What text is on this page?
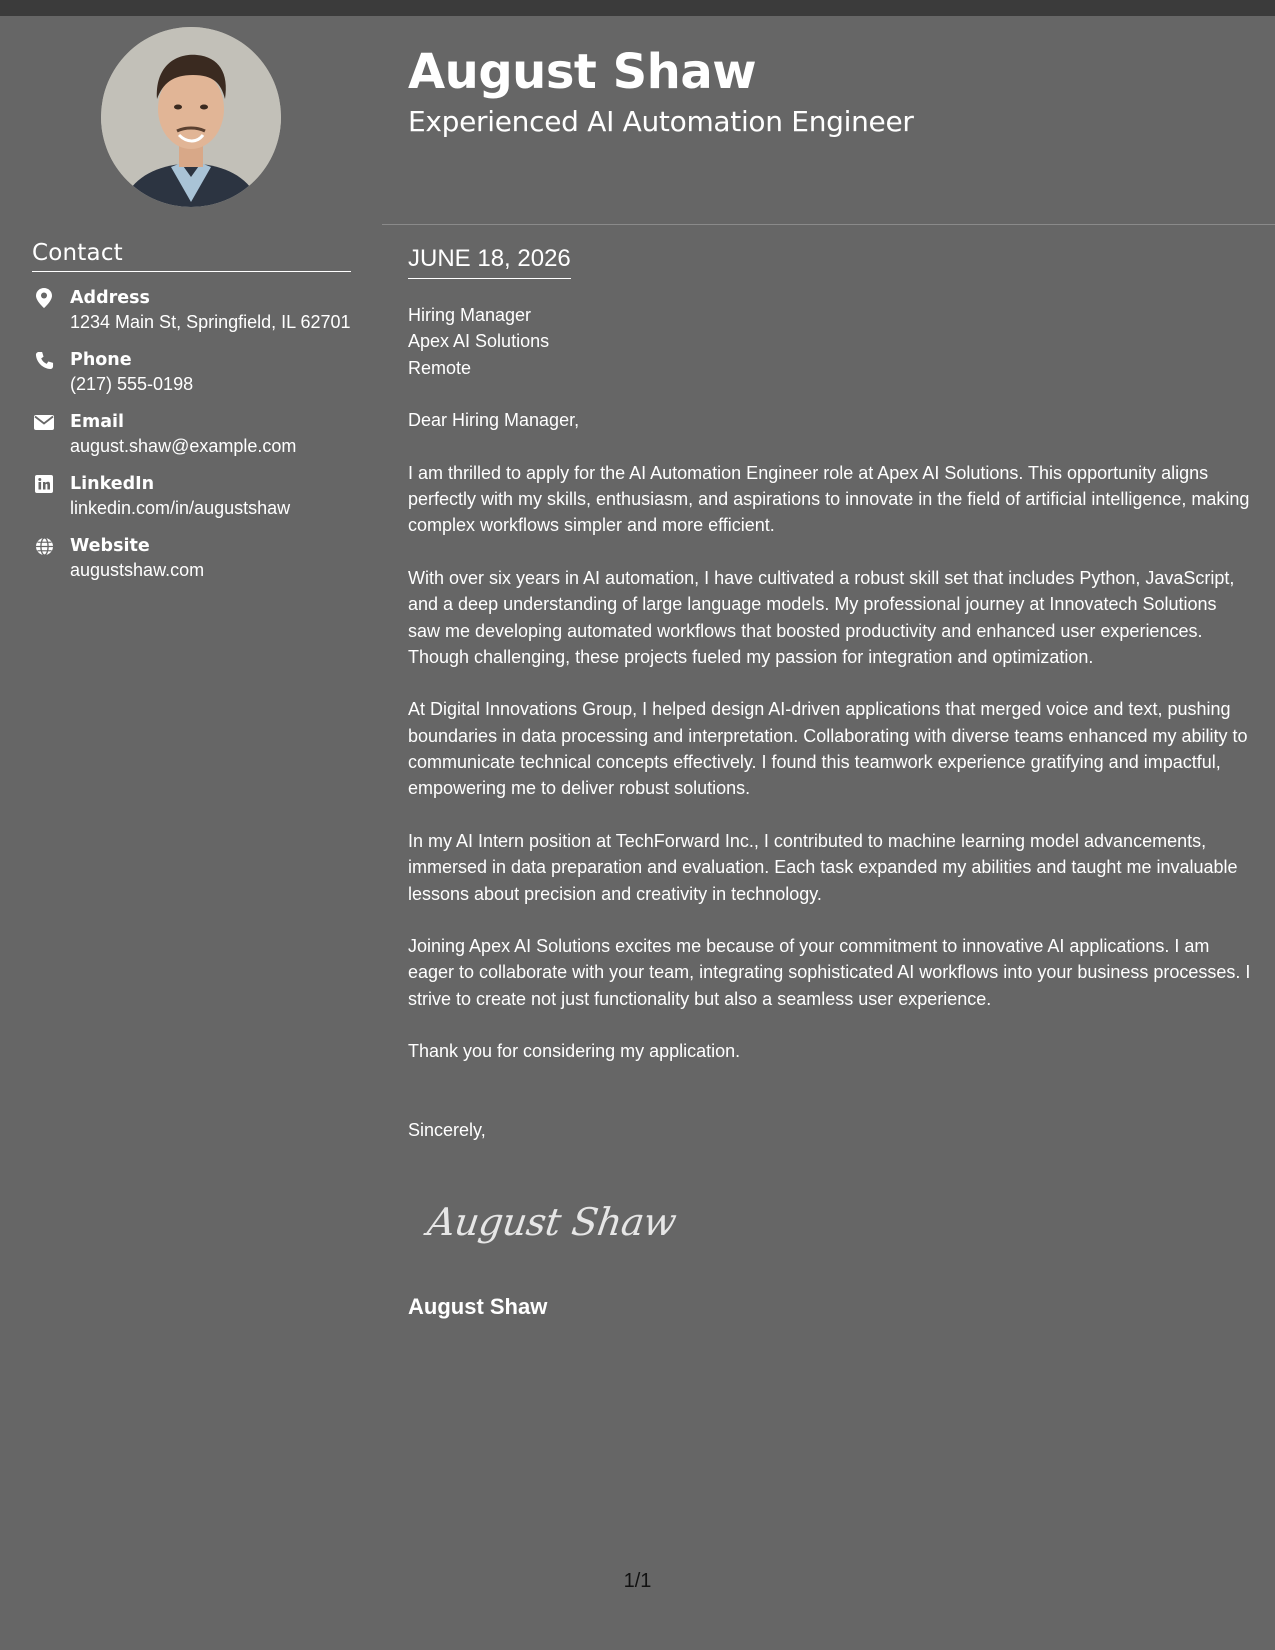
Contact
Address
1234 Main St, Springfield, IL 62701
Phone
(217) 555-0198
Email
august.shaw@example.com
LinkedIn
linkedin.com/in/augustshaw
Website
augustshaw.com
August Shaw
Experienced AI Automation Engineer
JUNE 18, 2026
Hiring Manager
Apex AI Solutions
Remote

Dear Hiring Manager,

I am thrilled to apply for the AI Automation Engineer role at Apex AI Solutions. This opportunity aligns perfectly with my skills, enthusiasm, and aspirations to innovate in the field of artificial intelligence, making complex workflows simpler and more efficient.

With over six years in AI automation, I have cultivated a robust skill set that includes Python, JavaScript, and a deep understanding of large language models. My professional journey at Innovatech Solutions saw me developing automated workflows that boosted productivity and enhanced user experiences. Though challenging, these projects fueled my passion for integration and optimization.

At Digital Innovations Group, I helped design AI-driven applications that merged voice and text, pushing boundaries in data processing and interpretation. Collaborating with diverse teams enhanced my ability to communicate technical concepts effectively. I found this teamwork experience gratifying and impactful, empowering me to deliver robust solutions.

In my AI Intern position at TechForward Inc., I contributed to machine learning model advancements, immersed in data preparation and evaluation. Each task expanded my abilities and taught me invaluable lessons about precision and creativity in technology.

Joining Apex AI Solutions excites me because of your commitment to innovative AI applications. I am eager to collaborate with your team, integrating sophisticated AI workflows into your business processes. I strive to create not just functionality but also a seamless user experience.

Thank you for considering my application.

Sincerely,

August Shaw
August Shaw
1/1
